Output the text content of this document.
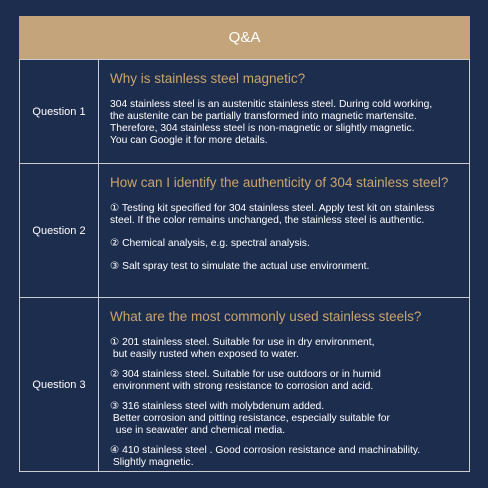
Q&A
Question 1
Why is stainless steel magnetic?

304 stainless steel is an austenitic stainless steel. During cold working,
the austenite can be partially transformed into magnetic martensite.
Therefore, 304 stainless steel is non-magnetic or slightly magnetic.
You can Google it for more details.

Question 2
How can I identify the authenticity of 304 stainless steel?
① Testing kit specified for 304 stainless steel. Apply test kit on stainless
steel. If the color remains unchanged, the stainless steel is authentic.
② Chemical analysis, e.g. spectral analysis.
③ Salt spray test to simulate the actual use environment.
Question 3
What are the most commonly used stainless steels?
① 201 stainless steel. Suitable for use in dry environment,
but easily rusted when exposed to water.
② 304 stainless steel. Suitable for use outdoors or in humid
environment with strong resistance to corrosion and acid.
③ 316 stainless steel with molybdenum added.
Better corrosion and pitting resistance, especially suitable for
use in seawater and chemical media.
④ 410 stainless steel . Good corrosion resistance and machinability.
Slightly magnetic.
